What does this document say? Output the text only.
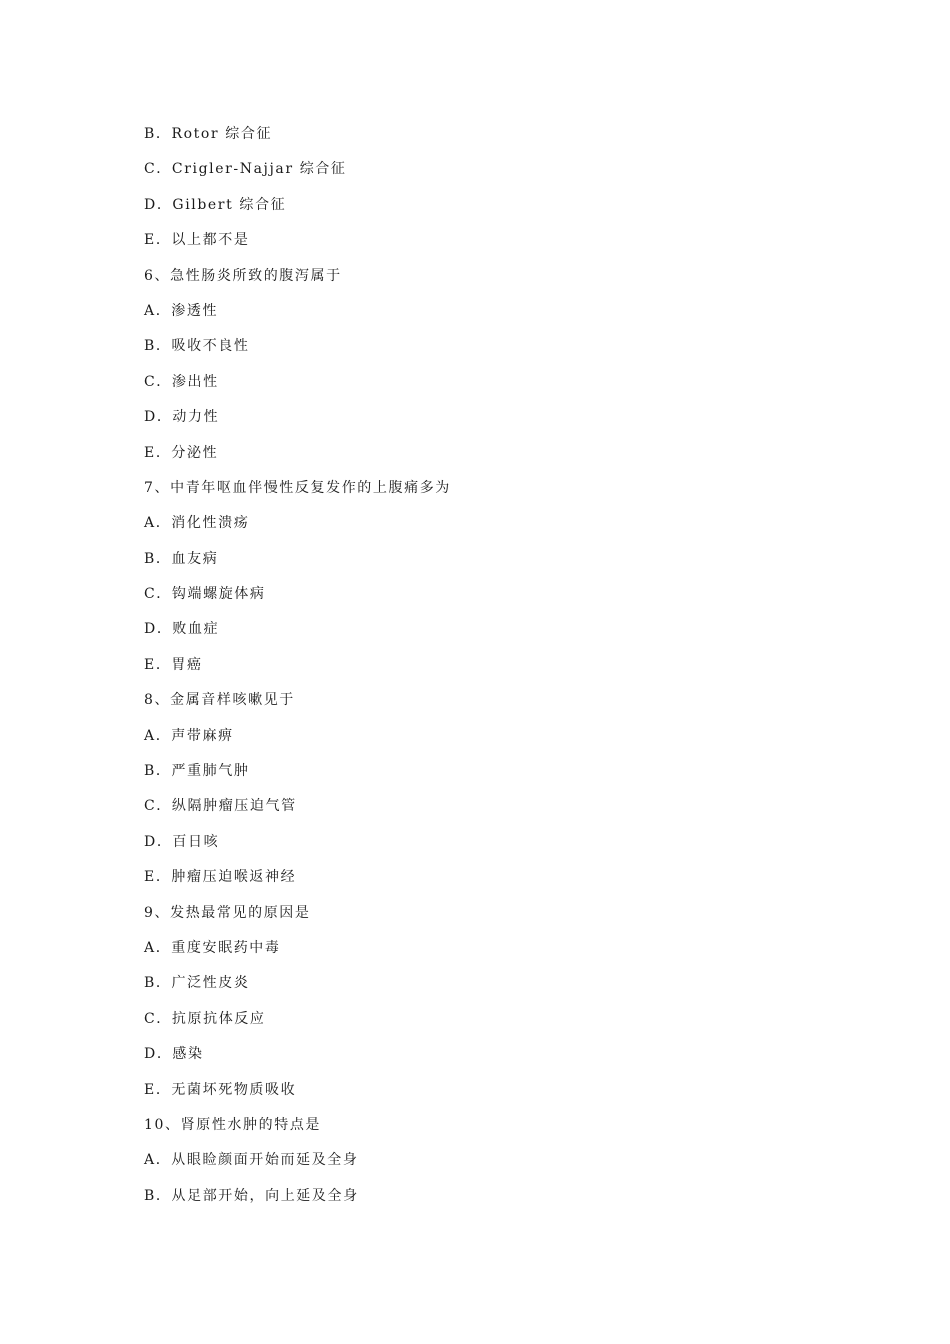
B．Rotor 综合征
C．Crigler-Najjar 综合征
D．Gilbert 综合征
E．以上都不是
6、急性肠炎所致的腹泻属于
A．渗透性
B．吸收不良性
C．渗出性
D．动力性
E．分泌性
7、中青年呕血伴慢性反复发作的上腹痛多为
A．消化性溃疡
B．血友病
C．钩端螺旋体病
D．败血症
E．胃癌
8、金属音样咳嗽见于
A．声带麻痹
B．严重肺气肿
C．纵隔肿瘤压迫气管
D．百日咳
E．肿瘤压迫喉返神经
9、发热最常见的原因是
A．重度安眠药中毒
B．广泛性皮炎
C．抗原抗体反应
D．感染
E．无菌坏死物质吸收
10、肾原性水肿的特点是
A．从眼睑颜面开始而延及全身
B．从足部开始，向上延及全身
